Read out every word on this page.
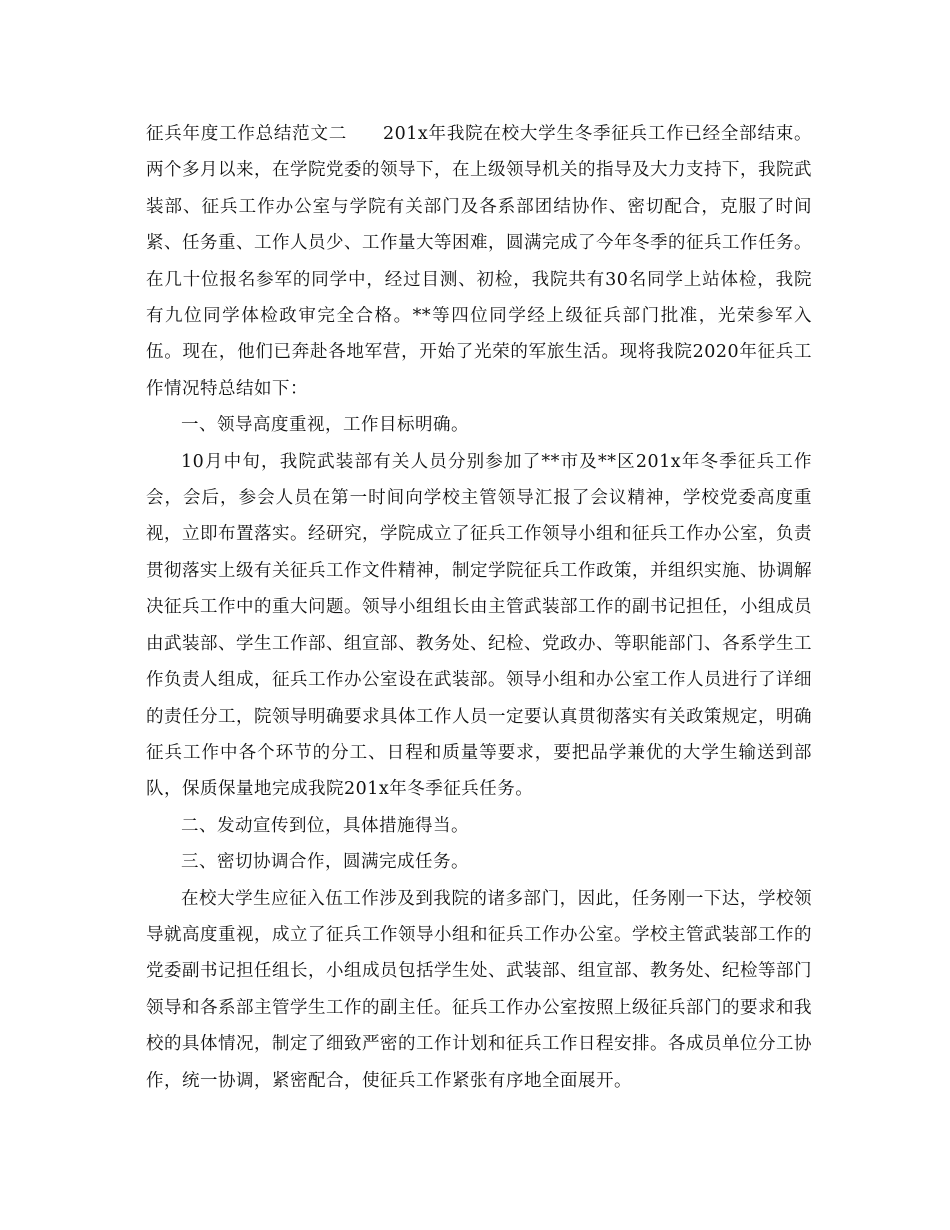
征兵年度工作总结范文二 201x年我院在校大学生冬季征兵工作已经全部结束。两个多月以来，在学院党委的领导下，在上级领导机关的指导及大力支持下，我院武装部、征兵工作办公室与学院有关部门及各系部团结协作、密切配合，克服了时间紧、任务重、工作人员少、工作量大等困难，圆满完成了今年冬季的征兵工作任务。在几十位报名参军的同学中，经过目测、初检，我院共有30名同学上站体检，我院有九位同学体检政审完全合格。**等四位同学经上级征兵部门批准，光荣参军入伍。现在，他们已奔赴各地军营，开始了光荣的军旅生活。现将我院2020年征兵工作情况特总结如下：

一、领导高度重视，工作目标明确。

10月中旬，我院武装部有关人员分别参加了**市及**区201x年冬季征兵工作会，会后，参会人员在第一时间向学校主管领导汇报了会议精神，学校党委高度重视，立即布置落实。经研究，学院成立了征兵工作领导小组和征兵工作办公室，负责贯彻落实上级有关征兵工作文件精神，制定学院征兵工作政策，并组织实施、协调解决征兵工作中的重大问题。领导小组组长由主管武装部工作的副书记担任，小组成员由武装部、学生工作部、组宣部、教务处、纪检、党政办、等职能部门、各系学生工作负责人组成，征兵工作办公室设在武装部。领导小组和办公室工作人员进行了详细的责任分工，院领导明确要求具体工作人员一定要认真贯彻落实有关政策规定，明确征兵工作中各个环节的分工、日程和质量等要求，要把品学兼优的大学生输送到部队，保质保量地完成我院201x年冬季征兵任务。

二、发动宣传到位，具体措施得当。

三、密切协调合作，圆满完成任务。

在校大学生应征入伍工作涉及到我院的诸多部门，因此，任务刚一下达，学校领导就高度重视，成立了征兵工作领导小组和征兵工作办公室。学校主管武装部工作的党委副书记担任组长，小组成员包括学生处、武装部、组宣部、教务处、纪检等部门领导和各系部主管学生工作的副主任。征兵工作办公室按照上级征兵部门的要求和我校的具体情况，制定了细致严密的工作计划和征兵工作日程安排。各成员单位分工协作，统一协调，紧密配合，使征兵工作紧张有序地全面展开。
